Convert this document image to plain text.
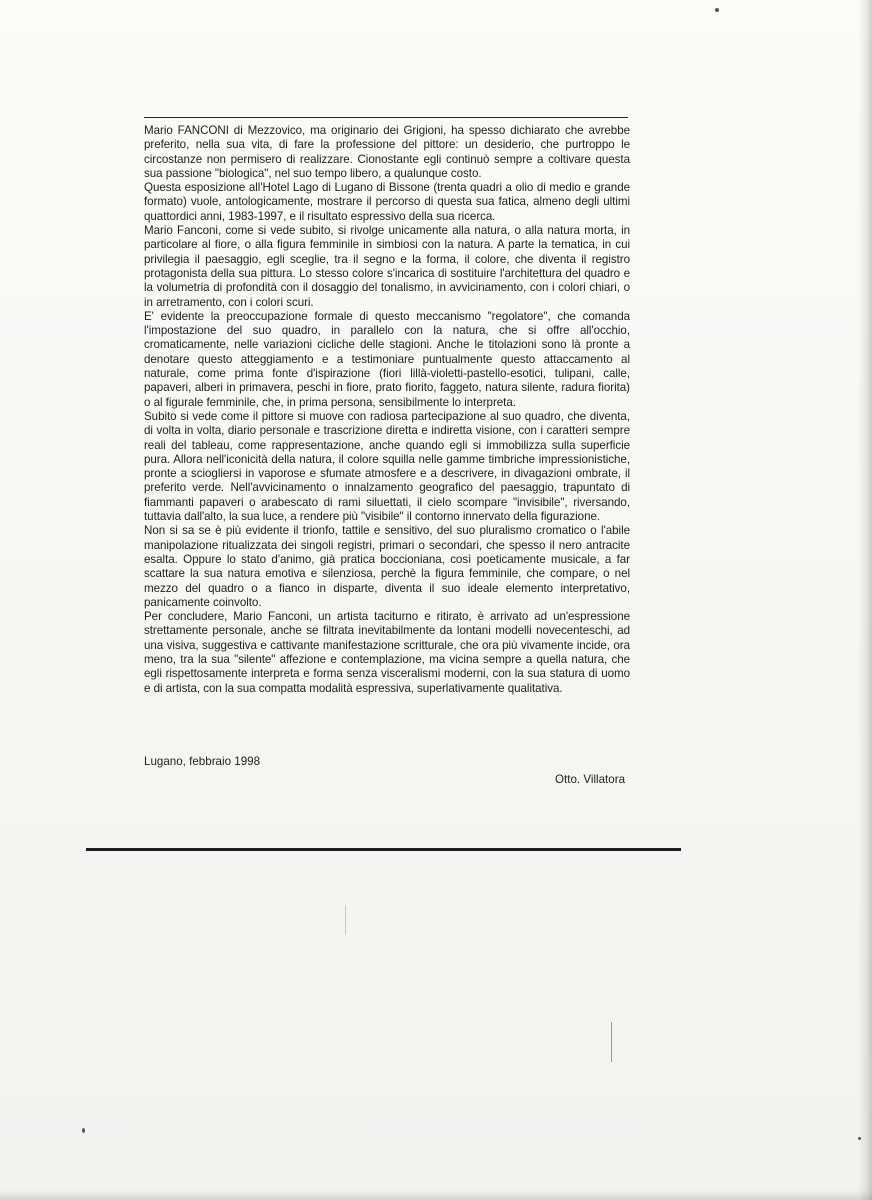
Mario FANCONI di Mezzovico, ma originario dei Grigioni, ha spesso dichiarato che avrebbe preferito, nella sua vita, di fare la professione del pittore: un desiderio, che purtroppo le circostanze non permisero di realizzare. Cionostante egli continuò sempre a coltivare questa sua passione "biologica", nel suo tempo libero, a qualunque costo.

Questa esposizione all'Hotel Lago di Lugano di Bissone (trenta quadri a olio di medio e grande formato) vuole, antologicamente, mostrare il percorso di questa sua fatica, almeno degli ultimi quattordici anni, 1983-1997, e il risultato espressivo della sua ricerca.

Mario Fanconi, come si vede subito, si rivolge unicamente alla natura, o alla natura morta, in particolare al fiore, o alla figura femminile in simbiosi con la natura. A parte la tematica, in cui privilegia il paesaggio, egli sceglie, tra il segno e la forma, il colore, che diventa il registro protagonista della sua pittura. Lo stesso colore s'incarica di sostituire l'architettura del quadro e la volumetria di profondità con il dosaggio del tonalismo, in avvicinamento, con i colori chiari, o in arretramento, con i colori scuri.

E' evidente la preoccupazione formale di questo meccanismo "regolatore", che comanda l'impostazione del suo quadro, in parallelo con la natura, che si offre all'occhio, cromaticamente, nelle variazioni cicliche delle stagioni. Anche le titolazioni sono là pronte a denotare questo atteggiamento e a testimoniare puntualmente questo attaccamento al naturale, come prima fonte d'ispirazione (fiori lillà-violetti-pastello-esotici, tulipani, calle, papaveri, alberi in primavera, peschi in fiore, prato fiorito, faggeto, natura silente, radura fiorita) o al figurale femminile, che, in prima persona, sensibilmente lo interpreta.

Subito si vede come il pittore si muove con radiosa partecipazione al suo quadro, che diventa, di volta in volta, diario personale e trascrizione diretta e indiretta visione, con i caratteri sempre reali del tableau, come rappresentazione, anche quando egli si immobilizza sulla superficie pura. Allora nell'iconicità della natura, il colore squilla nelle gamme timbriche impressionistiche, pronte a sciogliersi in vaporose e sfumate atmosfere e a descrivere, in divagazioni ombrate, il preferito verde. Nell'avvicinamento o innalzamento geografico del paesaggio, trapuntato di fiammanti papaveri o arabescato di rami siluettati, il cielo scompare "invisibile", riversando, tuttavia dall'alto, la sua luce, a rendere più "visibile" il contorno innervato della figurazione.

Non si sa se è più evidente il trionfo, tattile e sensitivo, del suo pluralismo cromatico o l'abile manipolazione ritualizzata dei singoli registri, primari o secondari, che spesso il nero antracite esalta. Oppure lo stato d'animo, già pratica boccioniana, così poeticamente musicale, a far scattare la sua natura emotiva e silenziosa, perchè la figura femminile, che compare, o nel mezzo del quadro o a fianco in disparte, diventa il suo ideale elemento interpretativo, panicamente coinvolto.

Per concludere, Mario Fanconi, un artista taciturno e ritirato, è arrivato ad un'espressione strettamente personale, anche se filtrata inevitabilmente da lontani modelli novecenteschi, ad una visiva, suggestiva e cattivante manifestazione scritturale, che ora più vivamente incide, ora meno, tra la sua "silente" affezione e contemplazione, ma vicina sempre a quella natura, che egli rispettosamente interpreta e forma senza visceralismi moderni, con la sua statura di uomo e di artista, con la sua compatta modalità espressiva, superlativamente qualitativa.

Lugano, febbraio 1998
Otto. Villatora
